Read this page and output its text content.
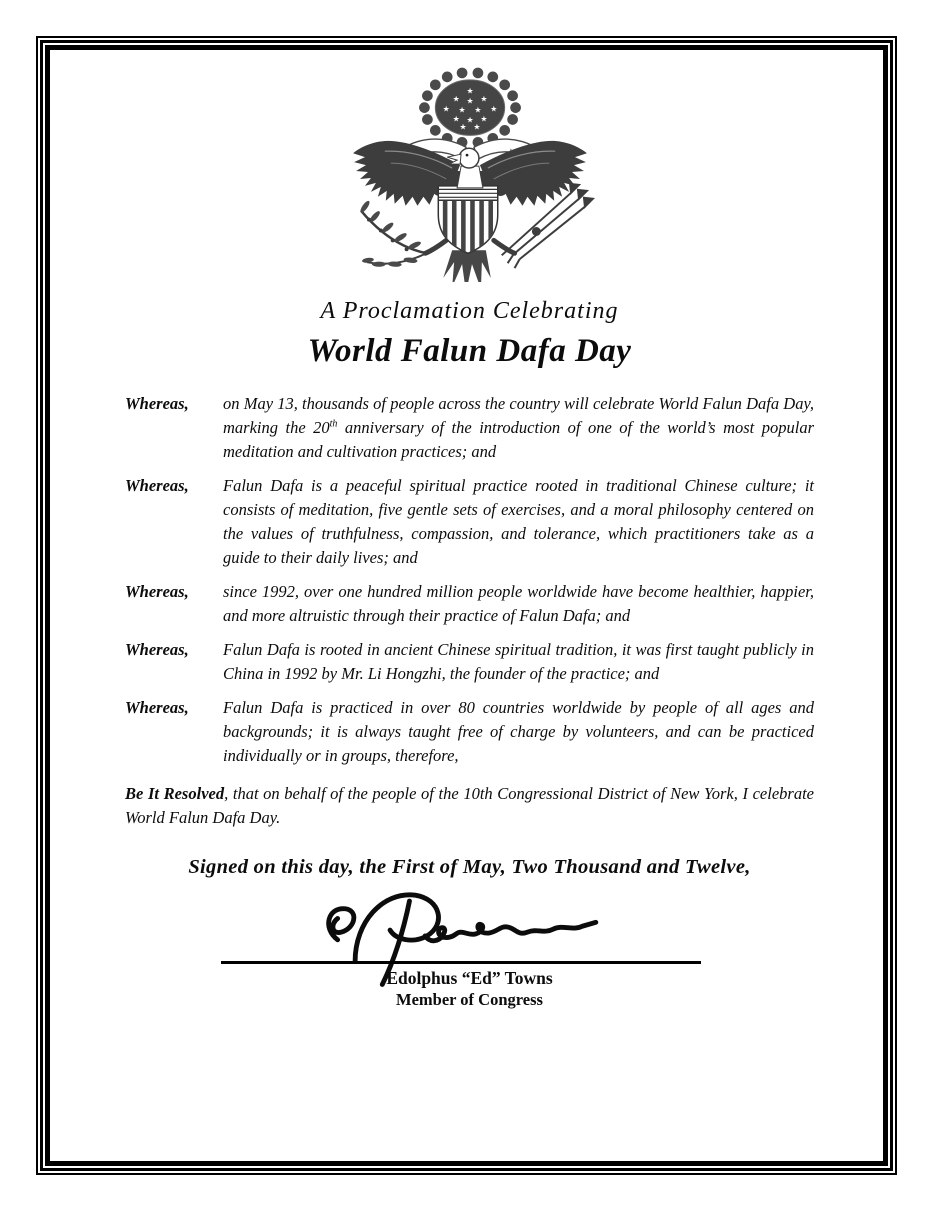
★
★ ★ ★
★ ★ ★ ★
★ ★ ★
★ ★
A Proclamation Celebrating
World Falun Dafa Day
Whereas,	on May 13, thousands of people across the country will celebrate World Falun Dafa Day, marking the 20th anniversary of the introduction of one of the world’s most popular meditation and cultivation practices; and

Whereas,	Falun Dafa is a peaceful spiritual practice rooted in traditional Chinese culture; it consists of meditation, five gentle sets of exercises, and a moral philosophy centered on the values of truthfulness, compassion, and tolerance, which practitioners take as a guide to their daily lives; and

Whereas,	since 1992, over one hundred million people worldwide have become healthier, happier, and more altruistic through their practice of Falun Dafa; and

Whereas,	Falun Dafa is rooted in ancient Chinese spiritual tradition, it was first taught publicly in China in 1992 by Mr. Li Hongzhi, the founder of the practice; and

Whereas,	Falun Dafa is practiced in over 80 countries worldwide by people of all ages and backgrounds; it is always taught free of charge by volunteers, and can be practiced individually or in groups, therefore,

Be It Resolved, that on behalf of the people of the 10th Congressional District of New York, I celebrate World Falun Dafa Day.

Signed on this day, the First of May, Two Thousand and Twelve,
Edolphus “Ed” Towns
Member of Congress
